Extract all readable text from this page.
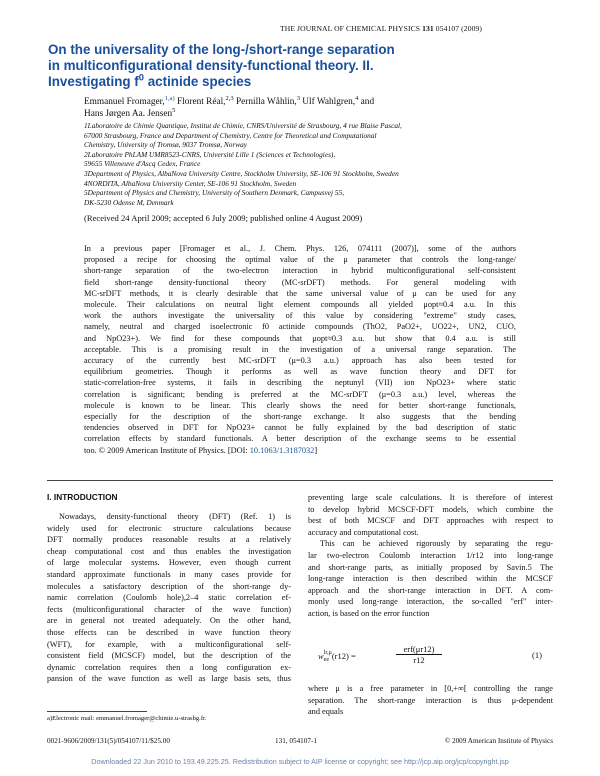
THE JOURNAL OF CHEMICAL PHYSICS 131 054107 (2009)
On the universality of the long-/short-range separation
in multiconfigurational density-functional theory. II.
Investigating $f^0$ actinide species
Emmanuel Fromager,$^{1,a)}$ Florent Réal,$^{2,3}$ Pernilla Wåhlin,$^3$ Ulf Wahlgren,$^4$ and
Hans Jørgen Aa. Jensen$^5$
1Laboratoire de Chimie Quantique, Institut de Chimie, CNRS/Université de Strasbourg, 4 rue Blaise Pascal,
67000 Strasbourg, France and Department of Chemistry, Centre for Theoretical and Computational
Chemistry, University of Tromsø, 9037 Tromsø, Norway
2Laboratoire PhLAM UMR8523-CNRS, Université Lille 1 (Sciences et Technologies),
59655 Villeneuve d'Ascq Cedex, France
3Department of Physics, AlbaNova University Centre, Stockholm University, SE-106 91 Stockholm, Sweden
4NORDITA, AlbaNova University Center, SE-106 91 Stockholm, Sweden
5Department of Physics and Chemistry, University of Southern Denmark, Campusvej 55,
DK-5230 Odense M, Denmark
(Received 24 April 2009; accepted 6 July 2009; published online 4 August 2009)
In a previous paper [Fromager et al., J. Chem. Phys. 126, 074111 (2007)], some of the authors
proposed a recipe for choosing the optimal value of the μ parameter that controls the long-range/
short-range separation of the two-electron interaction in hybrid multiconfigurational self-consistent
field short-range density-functional theory (MC-srDFT) methods. For general modeling with
MC-srDFT methods, it is clearly desirable that the same universal value of μ can be used for any
molecule. Their calculations on neutral light element compounds all yielded μopt≈0.4 a.u. In this
work the authors investigate the universality of this value by considering "extreme" study cases,
namely, neutral and charged isoelectronic f0 actinide compounds (ThO2, PaO2+, UO22+, UN2, CUO,
and NpO23+). We find for these compounds that μopt≈0.3 a.u. but show that 0.4 a.u. is still
acceptable. This is a promising result in the investigation of a universal range separation. The
accuracy of the currently best MC-srDFT (μ=0.3 a.u.) approach has also been tested for
equilibrium geometries. Though it performs as well as wave function theory and DFT for
static-correlation-free systems, it fails in describing the neptunyl (VII) ion NpO23+ where static
correlation is significant; bending is preferred at the MC-srDFT (μ=0.3 a.u.) level, whereas the
molecule is known to be linear. This clearly shows the need for better short-range functionals,
especially for the description of the short-range exchange. It also suggests that the bending
tendencies observed in DFT for NpO23+ cannot be fully explained by the bad description of static
correlation effects by standard functionals. A better description of the exchange seems to be essential
too. © 2009 American Institute of Physics. [DOI: 10.1063/1.3187032]
I. INTRODUCTION
Nowadays, density-functional theory (DFT) (Ref. 1) is
widely used for electronic structure calculations because
DFT normally produces reasonable results at a relatively
cheap computational cost and thus enables the investigation
of large molecular systems. However, even though current
standard approximate functionals in many cases provide for
molecules a satisfactory description of the short-range dy-
namic correlation (Coulomb hole),2–4 static correlation ef-
fects (multiconfigurational character of the wave function)
are in general not treated adequately. On the other hand,
those effects can be described in wave function theory
(WFT), for example, with a multiconfigurational self-
consistent field (MCSCF) model, but the description of the
dynamic correlation requires then a long configuration ex-
pansion of the wave function as well as large basis sets, thus
preventing large scale calculations. It is therefore of interest
to develop hybrid MCSCF-DFT models, which combine the
best of both MCSCF and DFT approaches with respect to
accuracy and computational cost.
This can be achieved rigorously by separating the regu-
lar two-electron Coulomb interaction 1/r12 into long-range
and short-range parts, as initially proposed by Savin.5 The
long-range interaction is then described within the MCSCF
approach and the short-range interaction in DFT. A com-
monly used long-range interaction, the so-called "erf" inter-
action, is based on the error function
w lr,μ
ee (r12) =
erf(μr12)
r12	(1)
where μ is a free parameter in [0,+∞[ controlling the range
separation. The short-range interaction is thus μ-dependent
and equals
a)Electronic mail: emmanuel.fromager@chimie.u-strasbg.fr.
0021-9606/2009/131(5)/054107/11/$25.00	131, 054107-1	© 2009 American Institute of Physics
Downloaded 22 Jun 2010 to 193.49.225.25. Redistribution subject to AIP license or copyright; see http://jcp.aip.org/jcp/copyright.jsp
